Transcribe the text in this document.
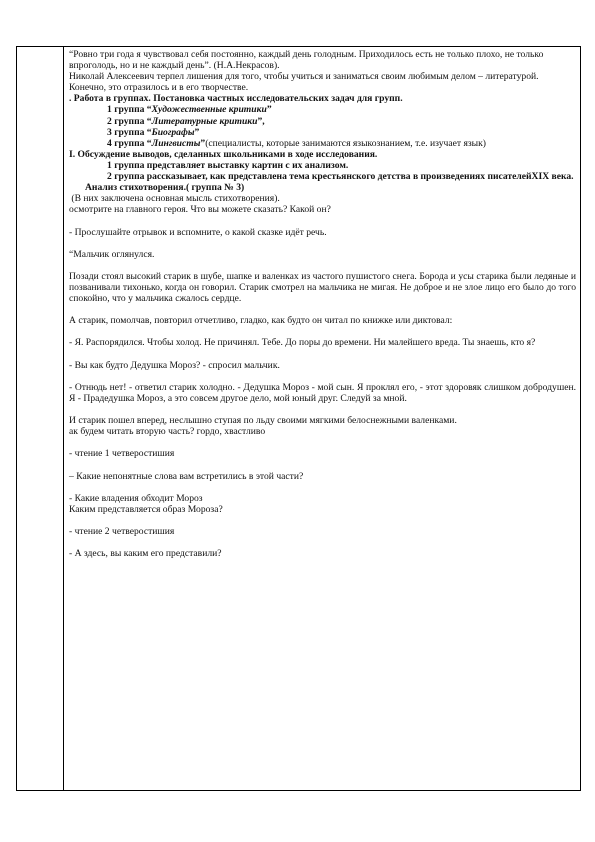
“Ровно три года я чувствовал себя постоянно, каждый день голодным. Приходилось есть не только плохо, не только впроголодь, но и не каждый день”. (Н.А.Некрасов).

Николай Алексеевич терпел лишения для того, чтобы учиться и заниматься своим любимым делом – литературой.

Конечно, это отразилось и в его творчестве.

. Работа в группах. Постановка частных исследовательских задач для групп.

1 группа “Художественные критики”

2 группа “Литературные критики”,

3 группа “Биографы”

4 группа “Лингвисты”(специалисты, которые занимаются языкознанием, т.е. изучает язык)

I. Обсуждение выводов, сделанных школьниками в ходе исследования.

1 группа представляет выставку картин с их анализом.

2 группа рассказывает, как представлена тема крестьянского детства в произведениях писателейXIX века.

Анализ стихотворения.( группа № 3)

(В них заключена основная мысль стихотворения).

осмотрите на главного героя. Что вы можете сказать? Какой он?

- Прослушайте отрывок и вспомните, о какой сказке идёт речь.

“Мальчик оглянулся.

Позади стоял высокий старик в шубе, шапке и валенках из частого пушистого снега. Борода и усы старика были ледяные и позванивали тихонько, когда он говорил. Старик смотрел на мальчика не мигая. Не доброе и не злое лицо его было до того спокойно, что у мальчика сжалось сердце.

А старик, помолчав, повторил отчетливо, гладко, как будто он читал по книжке или диктовал:

- Я. Распорядился. Чтобы холод. Не причинял. Тебе. До поры до времени. Ни малейшего вреда. Ты знаешь, кто я?

- Вы как будто Дедушка Мороз? - спросил мальчик.

- Отнюдь нет! - ответил старик холодно. - Дедушка Мороз - мой сын. Я проклял его, - этот здоровяк слишком добродушен. Я - Прадедушка Мороз, а это совсем другое дело, мой юный друг. Следуй за мной.

И старик пошел вперед, неслышно ступая по льду своими мягкими белоснежными валенками.

ак будем читать вторую часть? гордо, хвастливо

- чтение 1 четверостишия

– Какие непонятные слова вам встретились в этой части?

- Какие владения обходит Мороз

Каким представляется образ Мороза?

- чтение 2 четверостишия

- А здесь, вы каким его представили?
